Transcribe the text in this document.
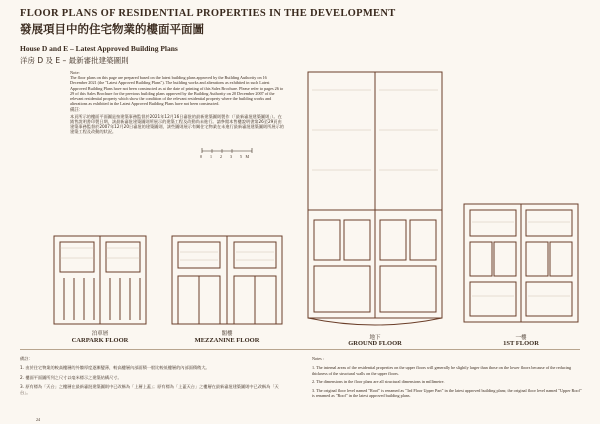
FLOOR PLANS OF RESIDENTIAL PROPERTIES IN THE DEVELOPMENT
發展項目中的住宅物業的樓面平面圖
House D and E – Latest Approved Building Plans
洋房 D 及 E – 最新審批建築圖則
Note:

The floor plans on this page are prepared based on the latest building plans approved by the Building Authority on 16 December 2021 (the "Latest Approved Building Plans"). The building works and alterations as exhibited in such Latest Approved Building Plans have not been constructed as at the date of printing of this Sales Brochure. Please refer to pages 26 to 29 of this Sales Brochure for the previous building plans approved by the Building Authority on 20 December 2007 of the relevant residential property which show the condition of the relevant residential property where the building works and alterations as exhibited in the Latest Approved Building Plans have not been constructed.

備註：

本頁所示的樓面平面圖是按建築事務監督於2021年12月16日審批的最新建築圖則製作（「最新審批建築圖則」）。在銷售說明書印製日期，該最新審批建築圖則所展示的建築工程及改動尚未進行。請參閱本售樓說明書第26至29頁由建築事務監督於2007年12月20日審批的建築圖則，該些圖則展示有關住宅物業在未進行最新審批建築圖則所展示的建築工程及改動的狀況。

0 1 2 3 5M
泊車層
CARPARK FLOOR
閣樓
MEZZANINE FLOOR	地下
GROUND FLOOR
一樓
1ST FLOOR
備註：
1. 由於住宅物業的較高樓層的外牆厚度逐漸變薄，較高樓層內部面積一般比較低樓層的內部面積稍大。
2. 樓面平面圖所列之尺寸以毫米標示之建築結構尺寸。
3. 原有標為「天台」之樓層在最新審批建築圖則中已改稱為「上層上蓋」；原有標為「上蓋天台」之樓層在最新審批建築圖則中已改稱為「天台」。
Notes :
1. The internal areas of the residential properties on the upper floors will generally be slightly larger than those on the lower floors because of the reducing thickness of the structural walls on the upper floors.
2. The dimensions in the floor plans are all structural dimensions in millimetre.
3. The original floor level named "Roof" is renamed as "3rd Floor Upper Part" in the latest approved building plans; the original floor level named "Upper Roof" is renamed as "Roof" in the latest approved building plans.
24
